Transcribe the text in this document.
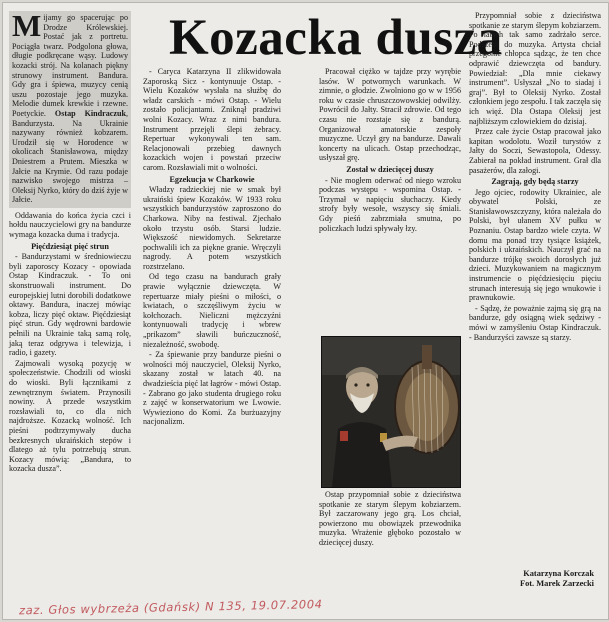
M ijamy go spacerując po Drodze Królewskiej. Postać jak z portretu. Pociągła twarz. Podgolona głowa, długie podkręcane wąsy. Ludowy kozacki strój. Na kolanach piękny strunowy instrument. Bandura. Gdy gra i śpiewa, muzycy cenią uszu pozostaje jego muzyka. Melodie dumek krewkie i rzewne. Poetyckie. Ostap Kindraczuk, Bandurzysta. Na Ukrainie nazywany również kobzarem. Urodził się w Horodence w okolicach Stanisławowa, między Dniestrem a Prutem. Mieszka w Jałcie na Krymie. Od razu podaje nazwisko swojego mistrza – Oleksij Nyrko, który do dziś żyje w Jałcie.

Oddawania do końca życia czci i hołdu nauczycielowi gry na bandurze wymaga kozacka duma i tradycja.

Pięćdziesiąt pięć strun

- Bandurzystami w średniowieczu byli zaporoscy Kozacy - opowiada Ostap Kindraczuk. - To oni skonstruowali instrument. Do europejskiej lutni dorobili dodatkowe oktawy. Bandura, inaczej mówiąc kobza, liczy pięć oktaw. Pięćdziesiąt pięć strun. Gdy wędrowni bardowie pełnili na Ukrainie taką samą rolę, jaką teraz odgrywa i telewizja, i radio, i gazety.

Zajmowali wysoką pozycję w społeczeństwie. Chodzili od wioski do wioski. Byli łącznikami z zewnętrznym światem. Przynosili nowiny. A przede wszystkim rozsławiali to, co dla nich najdroższe. Kozacką wolność. Ich pieśni podtrzymywały ducha bezkresnych ukraińskich stepów i dlatego aż tylu potrzebują strun. Kozacy mówią: „Bandura, to kozacka dusza”.

Kozacka dusza

- Caryca Katarzyna II zlikwidowała Zaporoską Sicz - kontynuuje Ostap. - Wielu Kozaków wysłała na służbę do władz carskich - mówi Ostap. - Wielu zostało policjantami. Zniknął pradziwi wolni Kozacy. Wraz z nimi bandura. Instrument przejęli ślepi żebracy. Repertuar wykonywali ten sam. Relacjonowali przebieg dawnych kozackich wojen i powstań przeciw carom. Rozsławiali mit o wolności.

Egzekucja w Charkowie

Władzy radzieckiej nie w smak był ukraiński śpiew Kozaków. W 1933 roku wszystkich bandurzystów zaproszono do Charkowa. Niby na festiwal. Zjechało około trzystu osób. Starsi ludzie. Większość niewidomych. Sekretarze pochwalili ich za piękne granie. Wręczyli nagrody. A potem wszystkich rozstrzelano.

Od tego czasu na bandurach grały prawie wyłącznie dziewczęta. W repertuarze miały pieśni o miłości, o kwiatach, o szczęśliwym życiu w kołchozach. Nieliczni mężczyźni kontynuowali tradycję i wbrew „prikazom” sławili buńczuczność, niezależność, swobodę.

- Za śpiewanie przy bandurze pieśni o wolności mój nauczyciel, Oleksij Nyrko, skazany został w latach 40. na dwadzieścia pięć lat łagrów - mówi Ostap. - Zabrano go jako studenta drugiego roku z zajęć w konserwatorium we Lwowie. Wywieziono do Komi. Za burżuazyjny nacjonalizm.

Pracował ciężko w tajdze przy wyrębie lasów. W potwornych warunkach. W zimnie, o głodzie. Zwolniono go w w 1956 roku w czasie chruszczowowskiej odwilży. Powrócił do Jałty. Stracił zdrowie. Od tego czasu nie rozstaje się z bandurą. Organizował amatorskie zespoły muzyczne. Uczył gry na bandurze. Dawali koncerty na ulicach. Ostap przechodząc, usłyszał grę.

Został w dziecięcej duszy

- Nie mogłem oderwać od niego wzroku podczas występu - wspomina Ostap. - Trzymał w napięciu słuchaczy. Kiedy strofy były wesołe, wszyscy się śmiali. Gdy pieśń zabrzmiała smutna, po policzkach ludzi spływały łzy.

Ostap przypomniał sobie z dzieciństwa spotkanie ze starym ślepym kobziarzem. Był zaczarowany jego grą. Los chciał, powierzono mu obowiązek przewodnika muzyka. Wrażenie głęboko pozostało w dziecięcej duszy.

Przypomniał sobie z dzieciństwa spotkanie ze starym ślepym kobziarzem. Po latach tak samo zadrżało serce. Podszedł do muzyka. Artysta chciał przegonić chłopca sądząc, że ten chce odprawić dziewczęta od bandury. Powiedział: „Dla mnie ciekawy instrument”. Usłyszał „No to siadaj i graj”. Był to Oleksij Nyrko. Został członkiem jego zespołu. I tak zaczęła się ich więź. Dla Ostapa Oleksij jest najbliższym człowiekiem do dzisiaj.

Przez całe życie Ostap pracował jako kapitan wodolotu. Woził turystów z Jałty do Soczi, Sewastopola, Odessy. Zabierał na pokład instrument. Grał dla pasażerów, dla załogi.

Zagrają, gdy będą starzy

Jego ojciec, rodowity Ukrainiec, ale obywatel Polski, ze Stanisławowszczyzny, która należała do Polski, był ułanem XV pułku w Poznaniu. Ostap bardzo wiele czyta. W domu ma ponad trzy tysiące książek, polskich i ukraińskich. Nauczył grać na bandurze trójkę swoich dorosłych już dzieci. Muzykowaniem na magicznym instrumencie o pięćdziesięciu pięciu strunach interesują się jego wnukowie i prawnukowie.

- Sądzę, że poważnie zajmą się grą na bandurze, gdy osiągną wiek sędziwy - mówi w zamyśleniu Ostap Kindraczuk. - Bandurzyści zawsze są starzy.

Katarzyna Korczak
Fot. Marek Zarzecki
zaz. Głos wybrzeża (Gdańsk) N 135, 19.07.2004
